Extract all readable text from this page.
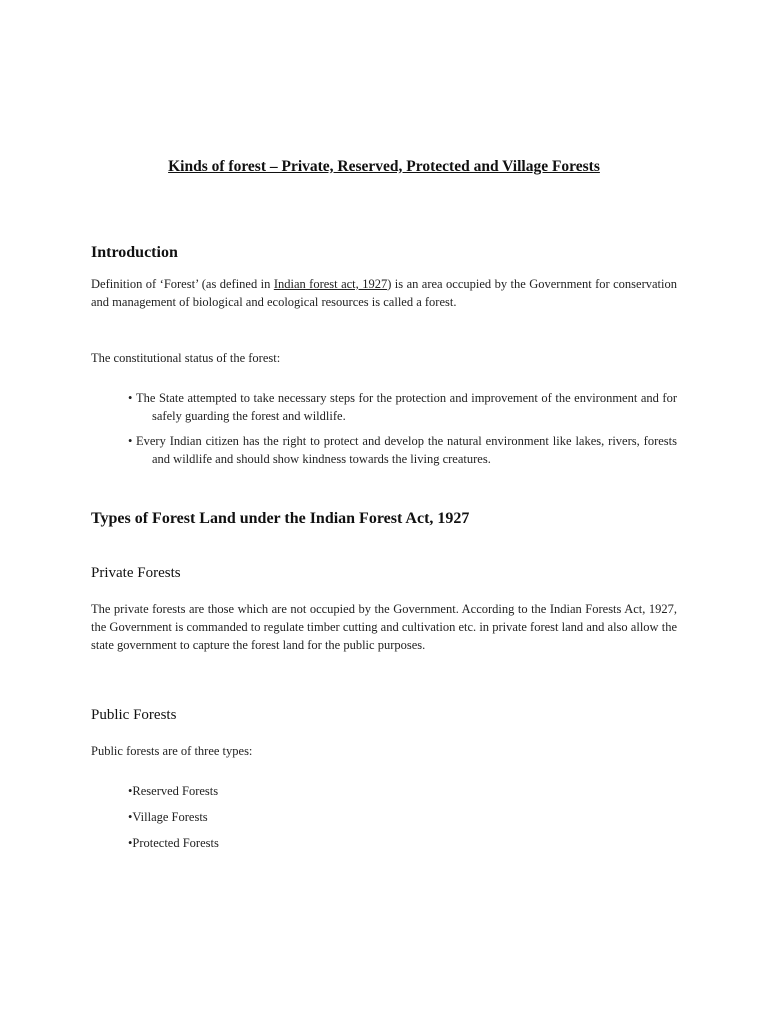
Kinds of forest – Private, Reserved, Protected and Village Forests
Introduction

Definition of ‘Forest’ (as defined in Indian forest act, 1927) is an area occupied by the Government for conservation and management of biological and ecological resources is called a forest.

The constitutional status of the forest:

• The State attempted to take necessary steps for the protection and improvement of the environment and for safely guarding the forest and wildlife.
• Every Indian citizen has the right to protect and develop the natural environment like lakes, rivers, forests and wildlife and should show kindness towards the living creatures.
Types of Forest Land under the Indian Forest Act, 1927
Private Forests

The private forests are those which are not occupied by the Government. According to the Indian Forests Act, 1927, the Government is commanded to regulate timber cutting and cultivation etc. in private forest land and also allow the state government to capture the forest land for the public purposes.

Public Forests

Public forests are of three types:

•Reserved Forests
•Village Forests
•Protected Forests
